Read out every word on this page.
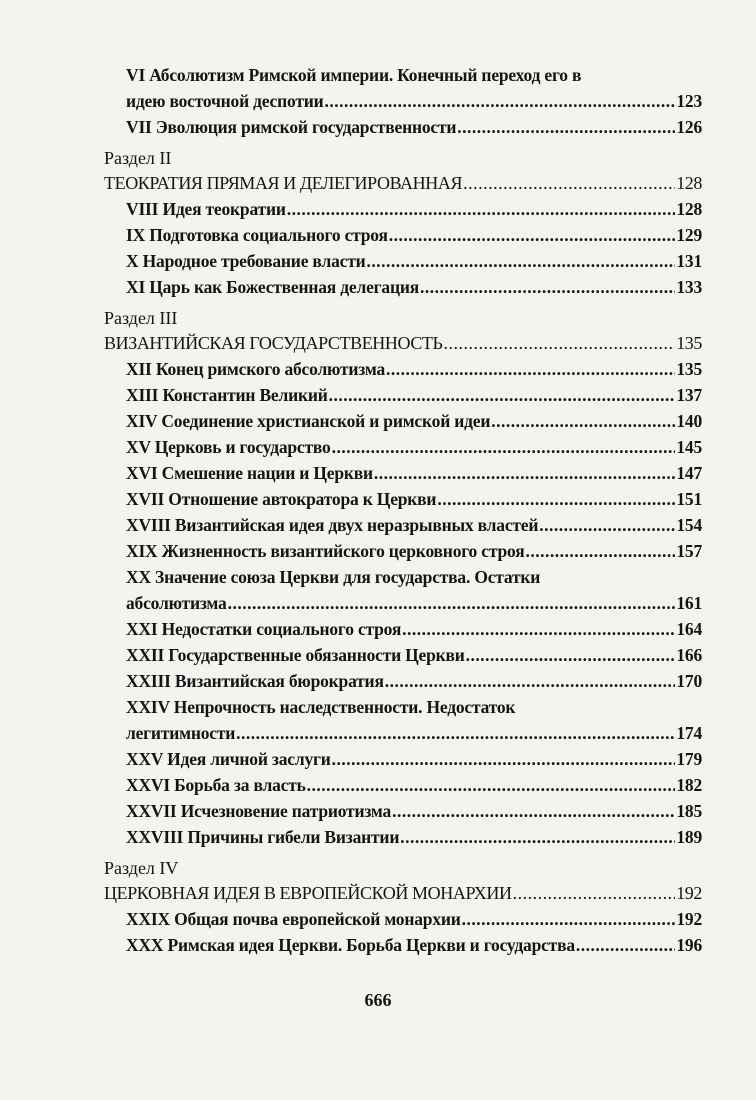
VI Абсолютизм Римской империи. Конечный переход его в
идею восточной деспотии .....	123
VII Эволюция римской государственности .....	126
Раздел II
ТЕОКРАТИЯ ПРЯМАЯ И ДЕЛЕГИРОВАННАЯ .....	128
VIII Идея теократии .....	128
IX Подготовка социального строя .....	129
X Народное требование власти .....	131
XI Царь как Божественная делегация .....	133
Раздел III
ВИЗАНТИЙСКАЯ ГОСУДАРСТВЕННОСТЬ .....	135
XII Конец римского абсолютизма .....	135
XIII Константин Великий .....	137
XIV Соединение христианской и римской идеи .....	140
XV Церковь и государство .....	145
XVI Смешение нации и Церкви .....	147
XVII Отношение автократора к Церкви .....	151
XVIII Византийская идея двух неразрывных властей .....	154
XIX Жизненность византийского церковного строя .....	157
XX Значение союза Церкви для государства. Остатки
абсолютизма .....	161
XXI Недостатки социального строя .....	164
XXII Государственные обязанности Церкви .....	166
XXIII Византийская бюрократия .....	170
XXIV Непрочность наследственности. Недостаток
легитимности .....	174
XXV Идея личной заслуги .....	179
XXVI Борьба за власть .....	182
XXVII Исчезновение патриотизма .....	185
XXVIII Причины гибели Византии .....	189
Раздел IV
ЦЕРКОВНАЯ ИДЕЯ В ЕВРОПЕЙСКОЙ МОНАРХИИ .....	192
XXIX Общая почва европейской монархии .....	192
XXX Римская идея Церкви. Борьба Церкви и государства .....	196
666
